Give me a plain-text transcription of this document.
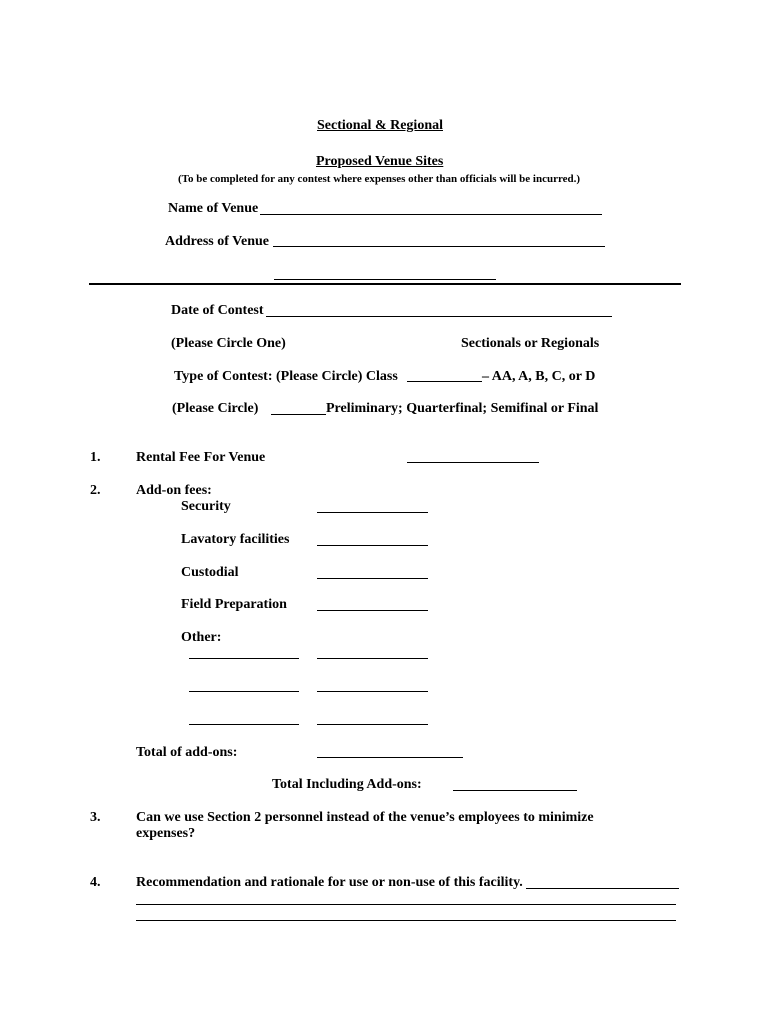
Sectional & Regional
Proposed Venue Sites
(To be completed for any contest where expenses other than officials will be incurred.)
Name of Venue
Address of Venue
Date of Contest
(Please Circle One)	Sectionals or Regionals
Type of Contest: (Please Circle) Class	– AA, A, B, C, or D
(Please Circle)	Preliminary; Quarterfinal; Semifinal or Final
1.	Rental Fee For Venue
2.	Add-on fees:
Security
Lavatory facilities
Custodial
Field Preparation
Other:
Total of add-ons:
Total Including Add-ons:
3.	Can we use Section 2 personnel instead of the venue’s employees to minimize
expenses?
4.	Recommendation and rationale for use or non-use of this facility.
